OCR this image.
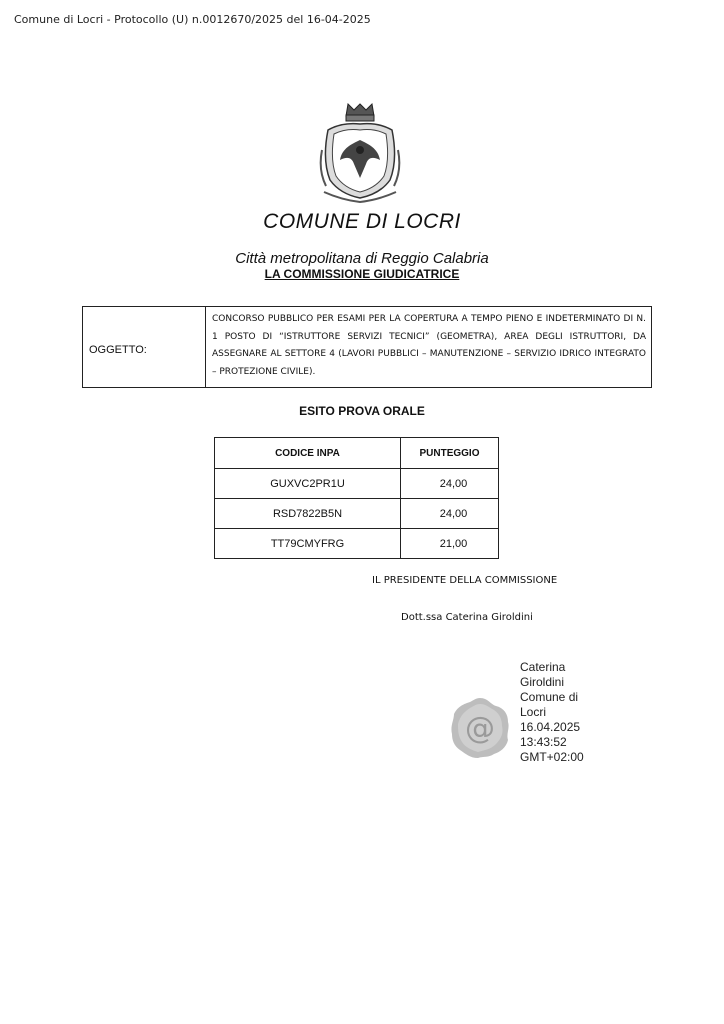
Comune di Locri - Protocollo (U) n.0012670/2025 del 16-04-2025
COMUNE DI LOCRI
Città metropolitana di Reggio Calabria
LA COMMISSIONE GIUDICATRICE
OGGETTO:
CONCORSO PUBBLICO PER ESAMI PER LA COPERTURA A TEMPO PIENO E INDETERMINATO DI N. 1 POSTO DI “ISTRUTTORE SERVIZI TECNICI” (GEOMETRA), AREA DEGLI ISTRUTTORI, DA ASSEGNARE AL SETTORE 4 (LAVORI PUBBLICI – MANUTENZIONE – SERVIZIO IDRICO INTEGRATO – PROTEZIONE CIVILE).
ESITO PROVA ORALE
CODICE INPA	PUNTEGGIO
GUXVC2PR1U	24,00
RSD7822B5N	24,00
TT79CMYFRG	21,00
IL PRESIDENTE DELLA COMMISSIONE
Dott.ssa Caterina Giroldini
@
Caterina
Giroldini
Comune di
Locri
16.04.2025
13:43:52
GMT+02:00
